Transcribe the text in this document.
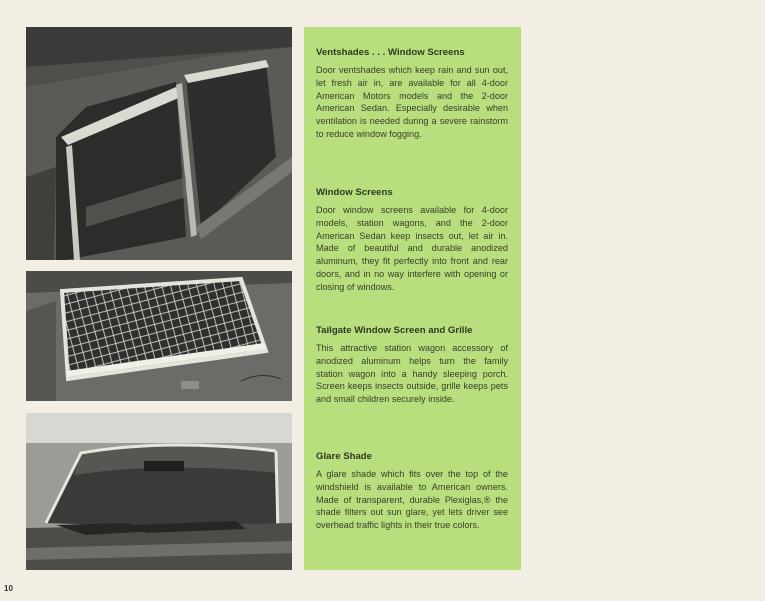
Ventshades . . . Window Screens

Door ventshades which keep rain and sun out, let fresh air in, are available for all 4-door American Motors models and the 2-door American Sedan. Especially desirable when ventilation is needed during a severe rainstorm to reduce window fogging.

Window Screens

Door window screens available for 4-door models, station wagons, and the 2-door American Sedan keep insects out, let air in. Made of beautiful and durable anodized aluminum, they fit perfectly into front and rear doors, and in no way interfere with opening or closing of windows.

Tailgate Window Screen and Grille

This attractive station wagon accessory of anodized aluminum helps turn the family station wagon into a handy sleeping porch. Screen keeps insects outside, grille keeps pets and small children securely inside.

Glare Shade

A glare shade which fits over the top of the windshield is available to American owners. Made of transparent, durable Plexiglas,® the shade filters out sun glare, yet lets driver see overhead traffic lights in their true colors.

10
